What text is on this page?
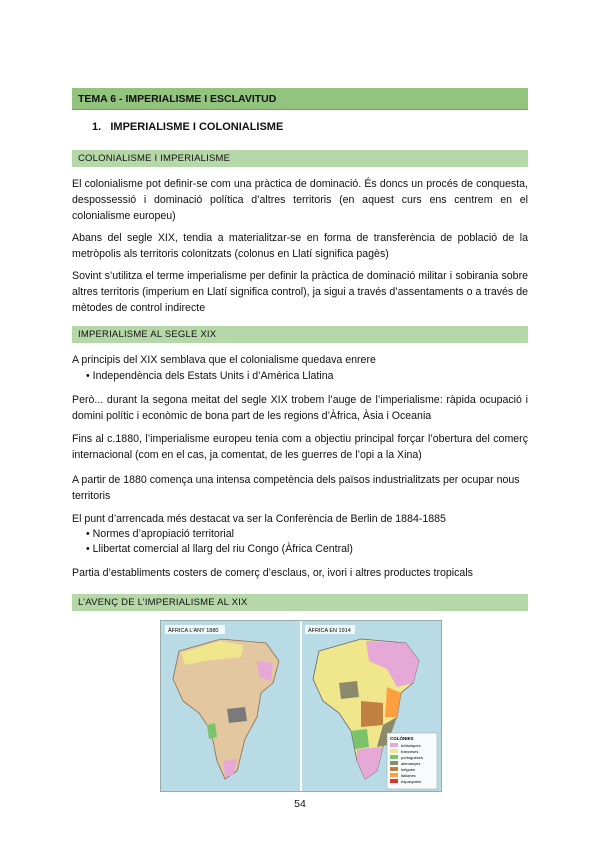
TEMA 6 - IMPERIALISME I ESCLAVITUD
1. IMPERIALISME I COLONIALISME
COLONIALISME I IMPERIALISME
El colonialisme pot definir-se com una pràctica de dominació. És doncs un procés de conquesta, despossessió i dominació política d’altres territoris (en aquest curs ens centrem en el colonialisme europeu)
Abans del segle XIX, tendia a materialitzar-se en forma de transferència de població de la metròpolis als territoris colonitzats (colonus en Llatí significa pagès)
Sovint s’utilitza el terme imperialisme per definir la pràctica de dominació militar i sobirania sobre altres territoris (imperium en Llatí significa control), ja sigui a través d’assentaments o a través de mètodes de control indirecte
IMPERIALISME AL SEGLE XIX
A principis del XIX semblava que el colonialisme quedava enrere
• Independència dels Estats Units i d’Amèrica Llatina
Però... durant la segona meitat del segle XIX trobem l’auge de l’imperialisme: ràpida ocupació i domini polític i econòmic de bona part de les regions d’Àfrica, Àsia i Oceania
Fins al c.1880, l’imperialisme europeu tenia com a objectiu principal forçar l’obertura del comerç internacional (com en el cas, ja comentat, de les guerres de l’opi a la Xina)
A partir de 1880 comença una intensa competència dels països industrialitzats per ocupar nous territoris
El punt d’arrencada més destacat va ser la Conferència de Berlin de 1884-1885
• Normes d’apropiació territorial
• Llibertat comercial al llarg del riu Congo (Àfrica Central)
Partia d’establiments costers de comerç d’esclaus, or, ivori i altres productes tropicals
L’AVENÇ DE L’IMPERIALISME AL XIX
ÀFRICA L'ANY 1880	ÀFRICA EN 1914
COLÒNIES
britàniques
franceses
portugueses
alemanyes
belgues
italianes
espanyoles
54
